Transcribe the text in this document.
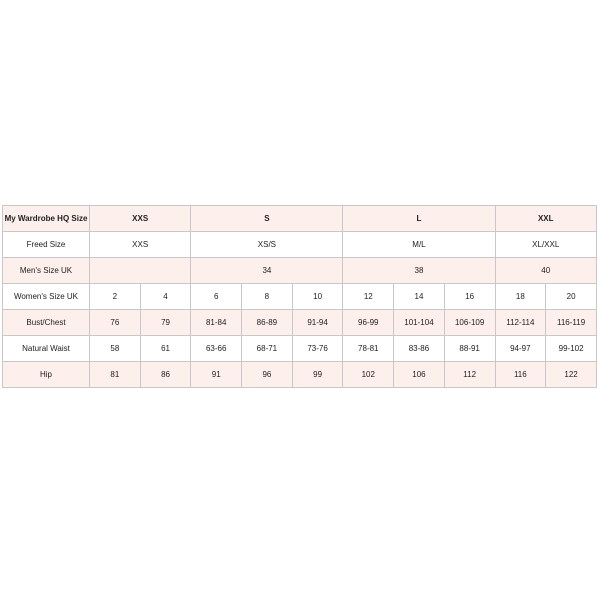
My Wardrobe HQ Size	XXS		S			L			XXL	
Freed Size	XXS		XS/S			M/L			XL/XXL	
Men's Size UK			34			38			40	
Women's Size UK	2	4	6	8	10	12	14	16	18	20
Bust/Chest	76	79	81-84	86-89	91-94	96-99	101-104	106-109	112-114	116-119
Natural Waist	58	61	63-66	68-71	73-76	78-81	83-86	88-91	94-97	99-102
Hip	81	86	91	96	99	102	106	112	116	122
